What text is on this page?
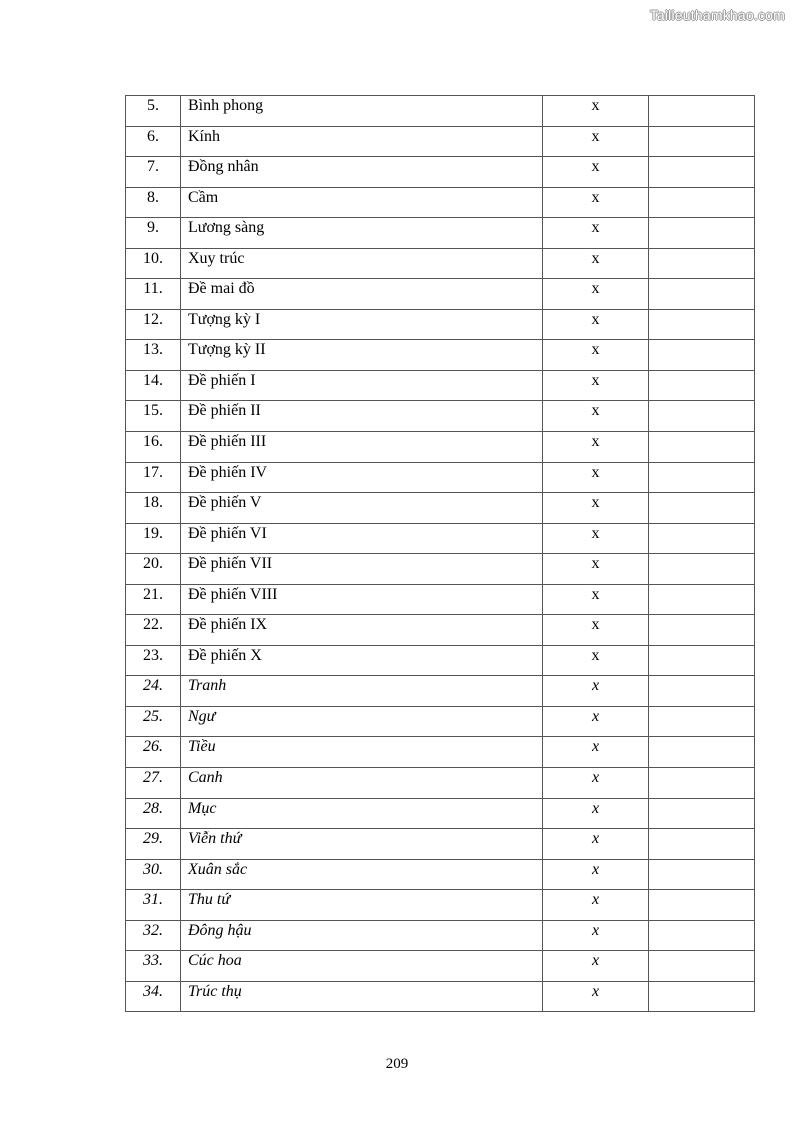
Tailieuthamkhao.com
5.	Bình phong	x	
6.	Kính	x	
7.	Đồng nhân	x	
8.	Cầm	x	
9.	Lương sàng	x	
10.	Xuy trúc	x	
11.	Đề mai đồ	x	
12.	Tượng kỳ I	x	
13.	Tượng kỳ II	x	
14.	Đề phiến I	x	
15.	Đề phiến II	x	
16.	Đề phiến III	x	
17.	Đề phiến IV	x	
18.	Đề phiến V	x	
19.	Đề phiến VI	x	
20.	Đề phiến VII	x	
21.	Đề phiến VIII	x	
22.	Đề phiến IX	x	
23.	Đề phiến X	x	
24.	Tranh	x	
25.	Ngư	x	
26.	Tiều	x	
27.	Canh	x	
28.	Mục	x	
29.	Viễn thứ	x	
30.	Xuân sắc	x	
31.	Thu tứ	x	
32.	Đông hậu	x	
33.	Cúc hoa	x	
34.	Trúc thụ	x	
209
